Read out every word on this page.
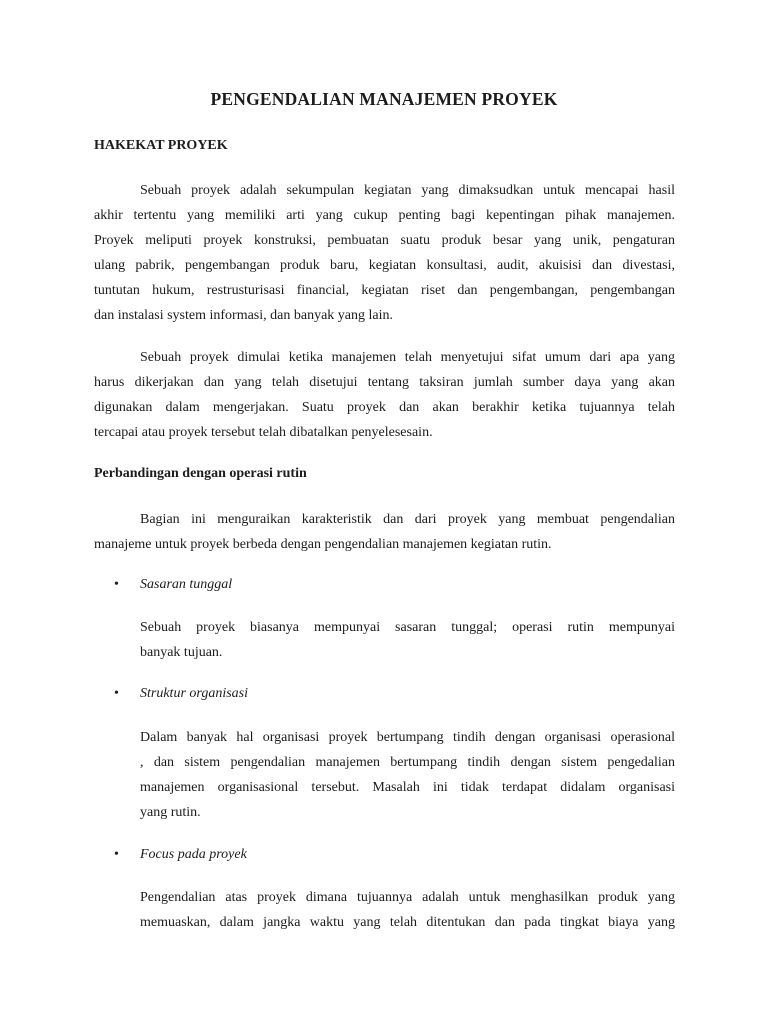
PENGENDALIAN MANAJEMEN PROYEK
HAKEKAT PROYEK
Sebuah proyek adalah sekumpulan kegiatan yang dimaksudkan untuk mencapai hasil
akhir tertentu yang memiliki arti yang cukup penting bagi kepentingan pihak manajemen.
Proyek meliputi proyek konstruksi, pembuatan suatu produk besar yang unik, pengaturan
ulang pabrik, pengembangan produk baru, kegiatan konsultasi, audit, akuisisi dan divestasi,
tuntutan hukum, restrusturisasi financial, kegiatan riset dan pengembangan, pengembangan
dan instalasi system informasi, dan banyak yang lain.
Sebuah proyek dimulai ketika manajemen telah menyetujui sifat umum dari apa yang
harus dikerjakan dan yang telah disetujui tentang taksiran jumlah sumber daya yang akan
digunakan dalam mengerjakan. Suatu proyek dan akan berakhir ketika tujuannya telah
tercapai atau proyek tersebut telah dibatalkan penyelesesain.
Perbandingan dengan operasi rutin
Bagian ini menguraikan karakteristik dan dari proyek yang membuat pengendalian
manajeme untuk proyek berbeda dengan pengendalian manajemen kegiatan rutin.
• Sasaran tunggal
Sebuah proyek biasanya mempunyai sasaran tunggal; operasi rutin mempunyai
banyak tujuan.
• Struktur organisasi
Dalam banyak hal organisasi proyek bertumpang tindih dengan organisasi operasional
, dan sistem pengendalian manajemen bertumpang tindih dengan sistem pengedalian
manajemen organisasional tersebut. Masalah ini tidak terdapat didalam organisasi
yang rutin.
• Focus pada proyek
Pengendalian atas proyek dimana tujuannya adalah untuk menghasilkan produk yang
memuaskan, dalam jangka waktu yang telah ditentukan dan pada tingkat biaya yang
